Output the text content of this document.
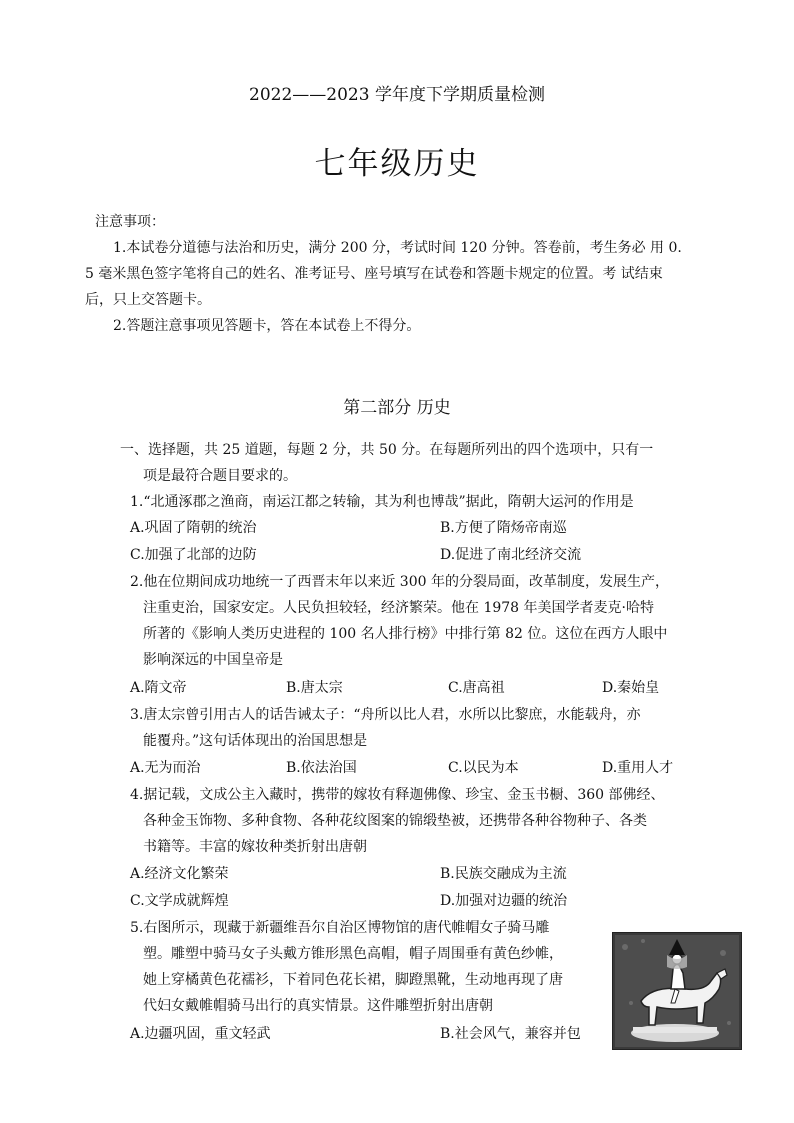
2022——2023 学年度下学期质量检测
七年级历史
注意事项：
1.本试卷分道德与法治和历史，满分 200 分，考试时间 120 分钟。答卷前，考生务必 用 0.
5 毫米黑色签字笔将自己的姓名、准考证号、座号填写在试卷和答题卡规定的位置。考 试结束
后，只上交答题卡。
2.答题注意事项见答题卡，答在本试卷上不得分。
第二部分 历史
一、选择题，共 25 道题，每题 2 分，共 50 分。在每题所列出的四个选项中，只有一
项是最符合题目要求的。
1.“北通涿郡之渔商，南运江都之转输，其为利也博哉”据此，隋朝大运河的作用是
A.巩固了隋朝的统治	B.方便了隋炀帝南巡
C.加强了北部的边防	D.促进了南北经济交流
2.他在位期间成功地统一了西晋末年以来近 300 年的分裂局面，改革制度，发展生产，
注重吏治，国家安定。人民负担较轻，经济繁荣。他在 1978 年美国学者麦克·哈特
所著的《影响人类历史进程的 100 名人排行榜》中排行第 82 位。这位在西方人眼中
影响深远的中国皇帝是
A.隋文帝	B.唐太宗	C.唐高祖	D.秦始皇
3.唐太宗曾引用古人的话告诫太子：“舟所以比人君，水所以比黎庶，水能载舟，亦
能覆舟。”这句话体现出的治国思想是
A.无为而治	B.依法治国	C.以民为本	D.重用人才
4.据记载，文成公主入藏时，携带的嫁妆有释迦佛像、珍宝、金玉书橱、360 部佛经、
各种金玉饰物、多种食物、各种花纹图案的锦缎垫被，还携带各种谷物种子、各类
书籍等。丰富的嫁妆种类折射出唐朝
A.经济文化繁荣	B.民族交融成为主流
C.文学成就辉煌	D.加强对边疆的统治
5.右图所示，现藏于新疆维吾尔自治区博物馆的唐代帷帽女子骑马雕
塑。雕塑中骑马女子头戴方锥形黑色高帽，帽子周围垂有黄色纱帷，
她上穿橘黄色花襦衫，下着同色花长裙，脚蹬黑靴，生动地再现了唐
代妇女戴帷帽骑马出行的真实情景。这件雕塑折射出唐朝
A.边疆巩固，重文轻武	B.社会风气，兼容并包
